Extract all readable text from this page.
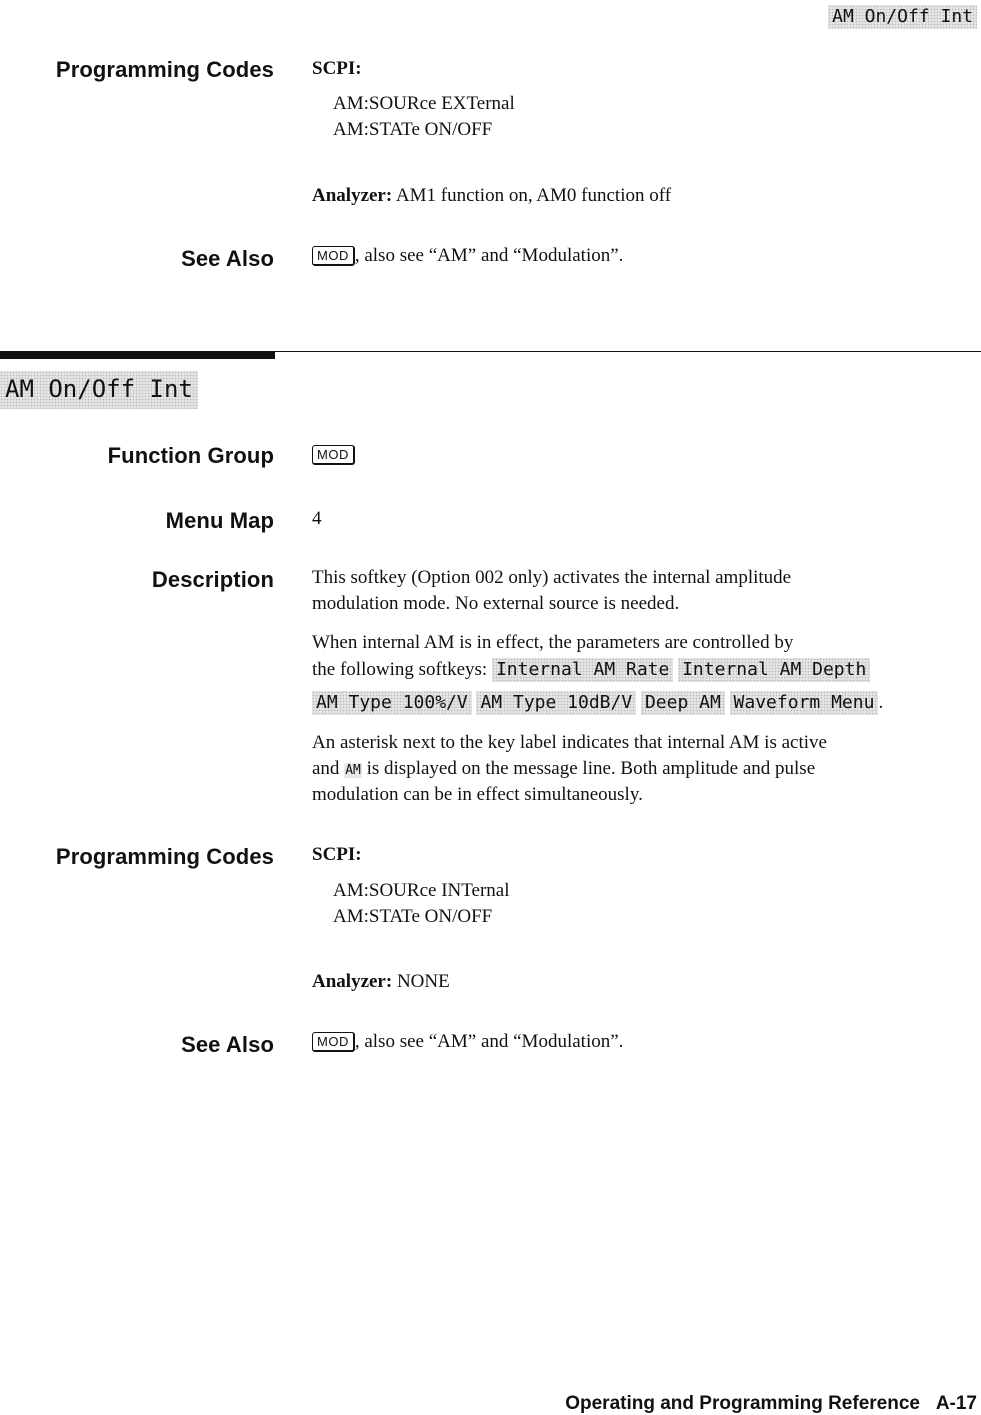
AM On/Off Int
Programming Codes SCPI:
AM:SOURce EXTernal
AM:STATe ON/OFF
Analyzer: AM1 function on, AM0 function off
See Also	MOD , also see “AM” and “Modulation”.
AM On/Off Int
Function Group	MOD
Menu Map 4
Description This softkey (Option 002 only) activates the internal amplitude
modulation mode. No external source is needed.
When internal AM is in effect, the parameters are controlled by
the following softkeys: Internal AM Rate Internal AM Depth
AM Type 100%/V AM Type 10dB/V Deep AM Waveform Menu .
An asterisk next to the key label indicates that internal AM is active
and AM is displayed on the message line. Both amplitude and pulse
modulation can be in effect simultaneously.
Programming Codes SCPI:
AM:SOURce INTernal
AM:STATe ON/OFF
Analyzer: NONE
See Also	MOD , also see “AM” and “Modulation”.
Operating and Programming Reference A-17
